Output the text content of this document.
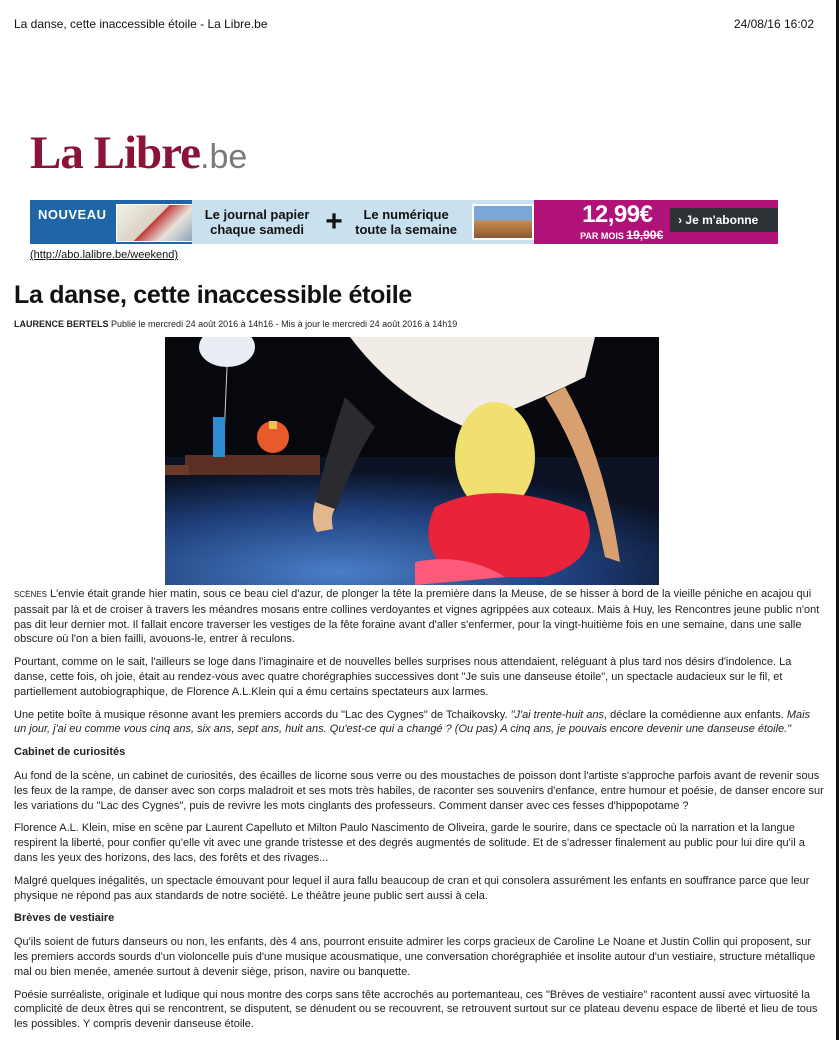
La danse, cette inaccessible étoile - La Libre.be	24/08/16 16:02
La Libre.be
NOUVEAU	Le journal papier chaque samedi +	Le numérique toute la semaine
12,99€
PAR MOIS 19,90€
› Je m'abonne
(http://abo.lalibre.be/weekend)
La danse, cette inaccessible étoile
LAURENCE BERTELS Publié le mercredi 24 août 2016 à 14h16 - Mis à jour le mercredi 24 août 2016 à 14h19

SCÈNES L'envie était grande hier matin, sous ce beau ciel d'azur, de plonger la tête la première dans la Meuse, de se hisser à bord de la vieille péniche en acajou qui passait par là et de croiser à travers les méandres mosans entre collines verdoyantes et vignes agrippées aux coteaux. Mais à Huy, les Rencontres jeune public n'ont pas dit leur dernier mot. Il fallait encore traverser les vestiges de la fête foraine avant d'aller s'enfermer, pour la vingt-huitième fois en une semaine, dans une salle obscure où l'on a bien failli, avouons-le, entrer à reculons.

Pourtant, comme on le sait, l'ailleurs se loge dans l'imaginaire et de nouvelles belles surprises nous attendaient, reléguant à plus tard nos désirs d'indolence. La danse, cette fois, oh joie, était au rendez-vous avec quatre chorégraphies successives dont "Je suis une danseuse étoile", un spectacle audacieux sur le fil, et partiellement autobiographique, de Florence A.L.Klein qui a ému certains spectateurs aux larmes.

Une petite boîte à musique résonne avant les premiers accords du "Lac des Cygnes" de Tchaikovsky. "J'ai trente-huit ans, déclare la comédienne aux enfants. Mais un jour, j'ai eu comme vous cinq ans, six ans, sept ans, huit ans. Qu'est-ce qui a changé ? (Ou pas) A cinq ans, je pouvais encore devenir une danseuse étoile."

Cabinet de curiosités

Au fond de la scène, un cabinet de curiosités, des écailles de licorne sous verre ou des moustaches de poisson dont l'artiste s'approche parfois avant de revenir sous les feux de la rampe, de danser avec son corps maladroit et ses mots très habiles, de raconter ses souvenirs d'enfance, entre humour et poésie, de danser encore sur les variations du "Lac des Cygnes", puis de revivre les mots cinglants des professeurs. Comment danser avec ces fesses d'hippopotame ?

Florence A.L. Klein, mise en scène par Laurent Capelluto et Milton Paulo Nascimento de Oliveira, garde le sourire, dans ce spectacle où la narration et la langue respirent la liberté, pour confier qu'elle vit avec une grande tristesse et des degrés augmentés de solitude. Et de s'adresser finalement au public pour lui dire qu'il a dans les yeux des horizons, des lacs, des forêts et des rivages...

Malgré quelques inégalités, un spectacle émouvant pour lequel il aura fallu beaucoup de cran et qui consolera assurément les enfants en souffrance parce que leur physique ne répond pas aux standards de notre société. Le théâtre jeune public sert aussi à cela.

Brèves de vestiaire

Qu'ils soient de futurs danseurs ou non, les enfants, dès 4 ans, pourront ensuite admirer les corps gracieux de Caroline Le Noane et Justin Collin qui proposent, sur les premiers accords sourds d'un violoncelle puis d'une musique acousmatique, une conversation chorégraphiée et insolite autour d'un vestiaire, structure métallique mal ou bien menée, amenée surtout à devenir siège, prison, navire ou banquette.

Poésie surréaliste, originale et ludique qui nous montre des corps sans tête accrochés au portemanteau, ces "Brèves de vestiaire" racontent aussi avec virtuosité la complicité de deux êtres qui se rencontrent, se disputent, se dénudent ou se recouvrent, se retrouvent surtout sur ce plateau devenu espace de liberté et lieu de tous les possibles. Y compris devenir danseuse étoile.
